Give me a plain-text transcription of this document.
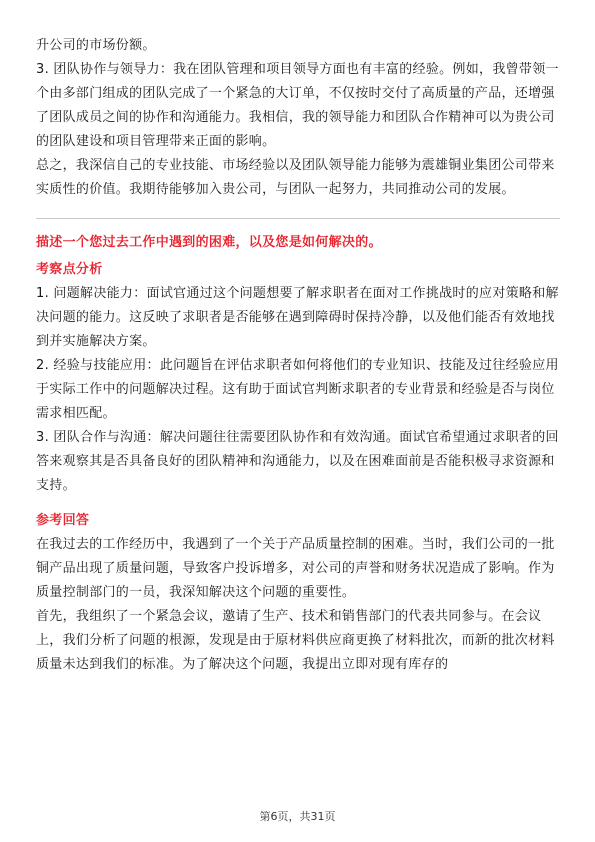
升公司的市场份额。

3. 团队协作与领导力：我在团队管理和项目领导方面也有丰富的经验。例如，我曾带领一个由多部门组成的团队完成了一个紧急的大订单，不仅按时交付了高质量的产品，还增强了团队成员之间的协作和沟通能力。我相信，我的领导能力和团队合作精神可以为贵公司的团队建设和项目管理带来正面的影响。

总之，我深信自己的专业技能、市场经验以及团队领导能力能够为震雄铜业集团公司带来实质性的价值。我期待能够加入贵公司，与团队一起努力，共同推动公司的发展。

描述一个您过去工作中遇到的困难，以及您是如何解决的。

考察点分析

1. 问题解决能力：面试官通过这个问题想要了解求职者在面对工作挑战时的应对策略和解决问题的能力。这反映了求职者是否能够在遇到障碍时保持冷静，以及他们能否有效地找到并实施解决方案。

2. 经验与技能应用：此问题旨在评估求职者如何将他们的专业知识、技能及过往经验应用于实际工作中的问题解决过程。这有助于面试官判断求职者的专业背景和经验是否与岗位需求相匹配。

3. 团队合作与沟通：解决问题往往需要团队协作和有效沟通。面试官希望通过求职者的回答来观察其是否具备良好的团队精神和沟通能力，以及在困难面前是否能积极寻求资源和支持。

参考回答

在我过去的工作经历中，我遇到了一个关于产品质量控制的困难。当时，我们公司的一批铜产品出现了质量问题，导致客户投诉增多，对公司的声誉和财务状况造成了影响。作为质量控制部门的一员，我深知解决这个问题的重要性。

首先，我组织了一个紧急会议，邀请了生产、技术和销售部门的代表共同参与。在会议上，我们分析了问题的根源，发现是由于原材料供应商更换了材料批次，而新的批次材料质量未达到我们的标准。为了解决这个问题，我提出立即对现有库存的

第6页，共31页
